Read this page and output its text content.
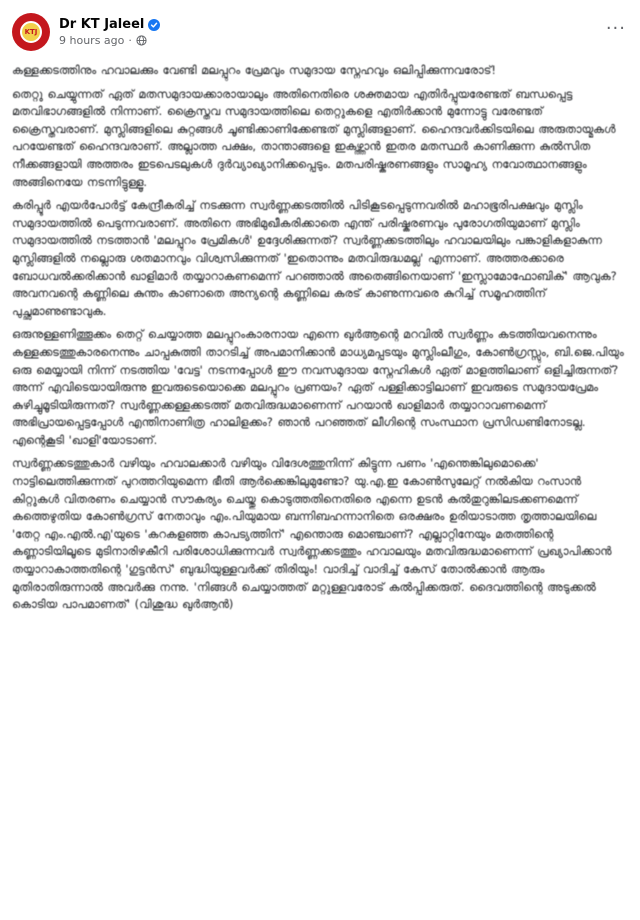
KTJ Dr KT Jaleel
9 hours ago ·
···

കള്ളക്കടത്തിനും ഹവാലക്കും വേണ്ടി മലപ്പുറം പ്രേമവും സമുദായ സ്നേഹവും ഒലിപ്പിക്കുന്നവരോട്!

തെറ്റു ചെയ്യുന്നത് ഏത് മതസമുദായക്കാരായാലും അതിനെതിരെ ശക്തമായ എതിർപ്പുയരേണ്ടത് ബന്ധപ്പെട്ട മതവിഭാഗങ്ങളിൽ നിന്നാണ്. ക്രൈസ്തവ സമുദായത്തിലെ തെറ്റുകളെ എതിർക്കാൻ മുന്നോട്ടു വരേണ്ടത് ക്രൈസ്തവരാണ്. മുസ്ലിങ്ങളിലെ കുറ്റങ്ങൾ ചൂണ്ടിക്കാണിക്കേണ്ടത് മുസ്ലിങ്ങളാണ്. ഹൈന്ദവർക്കിടയിലെ അരുതായ്മകൾ പറയേണ്ടത് ഹൈന്ദവരാണ്. അല്ലാത്ത പക്ഷം, താന്താങ്ങളെ ഇകഴ്ത്താൻ ഇതര മതസ്ഥർ കാണിക്കുന്ന കുൽസിത നീക്കങ്ങളായി അത്തരം ഇടപെടലുകൾ ദുർവ്യാഖ്യാനിക്കപ്പെടും. മതപരിഷ്കരണങ്ങളും സാമൂഹ്യ നവോത്ഥാനങ്ങളും അങ്ങിനെയേ നടന്നിട്ടുള്ളൂ.

കരിപ്പൂർ എയർപോർട്ട് കേന്ദ്രീകരിച്ച് നടക്കുന്ന സ്വർണ്ണക്കടത്തിൽ പിടികൂടപ്പെടുന്നവരിൽ മഹാഭൂരിപക്ഷവും മുസ്ലിം സമുദായത്തിൽ പെടുന്നവരാണ്. അതിനെ അഭിമുഖീകരിക്കാതെ എന്ത് പരിഷ്കരണവും പുരോഗതിയുമാണ് മുസ്ലിം സമുദായത്തിൽ നടത്താൻ 'മലപ്പുറം പ്രേമികൾ' ഉദ്ദേശിക്കുന്നത്? സ്വർണ്ണക്കടത്തിലും ഹവാലയിലും പങ്കാളികളാകുന്ന മുസ്ലിങ്ങളിൽ നല്ലൊരു ശതമാനവും വിശ്വസിക്കുന്നത് 'ഇതൊന്നും മതവിരുദ്ധമല്ല' എന്നാണ്. അത്തരക്കാരെ ബോധവൽക്കരിക്കാൻ ഖാളിമാർ തയ്യാറാകണമെന്ന് പറഞ്ഞാൽ അതെങ്ങിനെയാണ് 'ഇസ്ലാമോഫോബിക്' ആവുക? അവനവന്റെ കണ്ണിലെ കുന്തം കാണാതെ അന്യന്റെ കണ്ണിലെ കരട് കാണുന്നവരെ കുറിച്ച് സമൂഹത്തിന് പുച്ഛമാണുണ്ടാവുക.

ഒരുനുള്ളണിത്തൂക്കം തെറ്റ് ചെയ്യാത്ത മലപ്പുറംകാരനായ എന്നെ ഖുർആന്റെ മറവിൽ സ്വർണ്ണം കടത്തിയവനെന്നും കള്ളക്കടത്തുകാരനെന്നും ചാപ്പകുത്തി താറടിച്ച് അപമാനിക്കാൻ മാധ്യമപ്പടയും മുസ്ലിംലീഗും, കോൺഗ്രസ്സും, ബി.ജെ.പിയും ഒരു മെയ്യായി നിന്ന് നടത്തിയ 'വേട്ട' നടന്നപ്പോൾ ഈ നവസമുദായ സ്നേഹികൾ ഏത് മാളത്തിലാണ് ഒളിച്ചിരുന്നത്? അന്ന് എവിടെയായിരുന്നു ഇവരുടെയൊക്കെ മലപ്പുറം പ്രണയം? ഏത് പള്ളിക്കാട്ടിലാണ് ഇവരുടെ സമുദായപ്രേമം കുഴിച്ചുമൂടിയിരുന്നത്? സ്വർണ്ണക്കള്ളക്കടത്ത് മതവിരുദ്ധമാണെന്ന് പറയാൻ ഖാളിമാർ തയ്യാറാവണമെന്ന് അഭിപ്രായപ്പെട്ടപ്പോൾ എന്തിനാണിത്ര ഹാലിളക്കം? ഞാൻ പറഞ്ഞത് ലീഗിന്റെ സംസ്ഥാന പ്രസിഡണ്ടിനോടല്ല. എന്റെകൂടി 'ഖാളി'യോടാണ്.

സ്വർണ്ണക്കടത്തുകാർ വഴിയും ഹവാലക്കാർ വഴിയും വിദേശത്തുനിന്ന് കിട്ടുന്ന പണം 'എന്തെങ്കിലുമൊക്കെ' നാട്ടിലെത്തിക്കുന്നത് പുറത്തറിയുമെന്ന ഭീതി ആർക്കെങ്കിലുമുണ്ടോ? യു.എ.ഇ കോൺസുലേറ്റ് നൽകിയ റംസാൻ കിറ്റുകൾ വിതരണം ചെയ്യാൻ സൗകര്യം ചെയ്തു കൊടുത്തതിനെതിരെ എന്നെ ഉടൻ കൽതുറുങ്കിലടക്കണമെന്ന് കത്തെഴുതിയ കോൺഗ്രസ് നേതാവും എം.പിയുമായ ബന്നിബഹന്നാനിതെ ഒരക്ഷരം ഉരിയാടാത്ത തൃത്താലയിലെ 'തേറ്റ എം.എൽ.എ'യുടെ 'കറകളഞ്ഞ കാപട്യത്തിന്' എന്തൊരു മൊഞ്ചാണ്? എല്ലാറ്റിനേയും മതത്തിന്റെ കണ്ണാടിയിലൂടെ മുടിനാരിഴകീറി പരിശോധിക്കുന്നവർ സ്വർണ്ണക്കടത്തും ഹവാലയും മതവിരുദ്ധമാണെന്ന് പ്രഖ്യാപിക്കാൻ തയ്യാറാകാത്തതിന്റെ 'ഗുട്ടൻസ്' ബുദ്ധിയുള്ളവർക്ക് തിരിയും! വാദിച്ച് വാദിച്ച് കേസ് തോൽക്കാൻ ആരും മുതിരാതിരുന്നാൽ അവർക്കു നന്നു. 'നിങ്ങൾ ചെയ്യാത്തത് മറ്റുള്ളവരോട് കൽപ്പിക്കരുത്. ദൈവത്തിന്റെ അടുക്കൽ കൊടിയ പാപമാണത്' (വിശുദ്ധ ഖുർആൻ)
